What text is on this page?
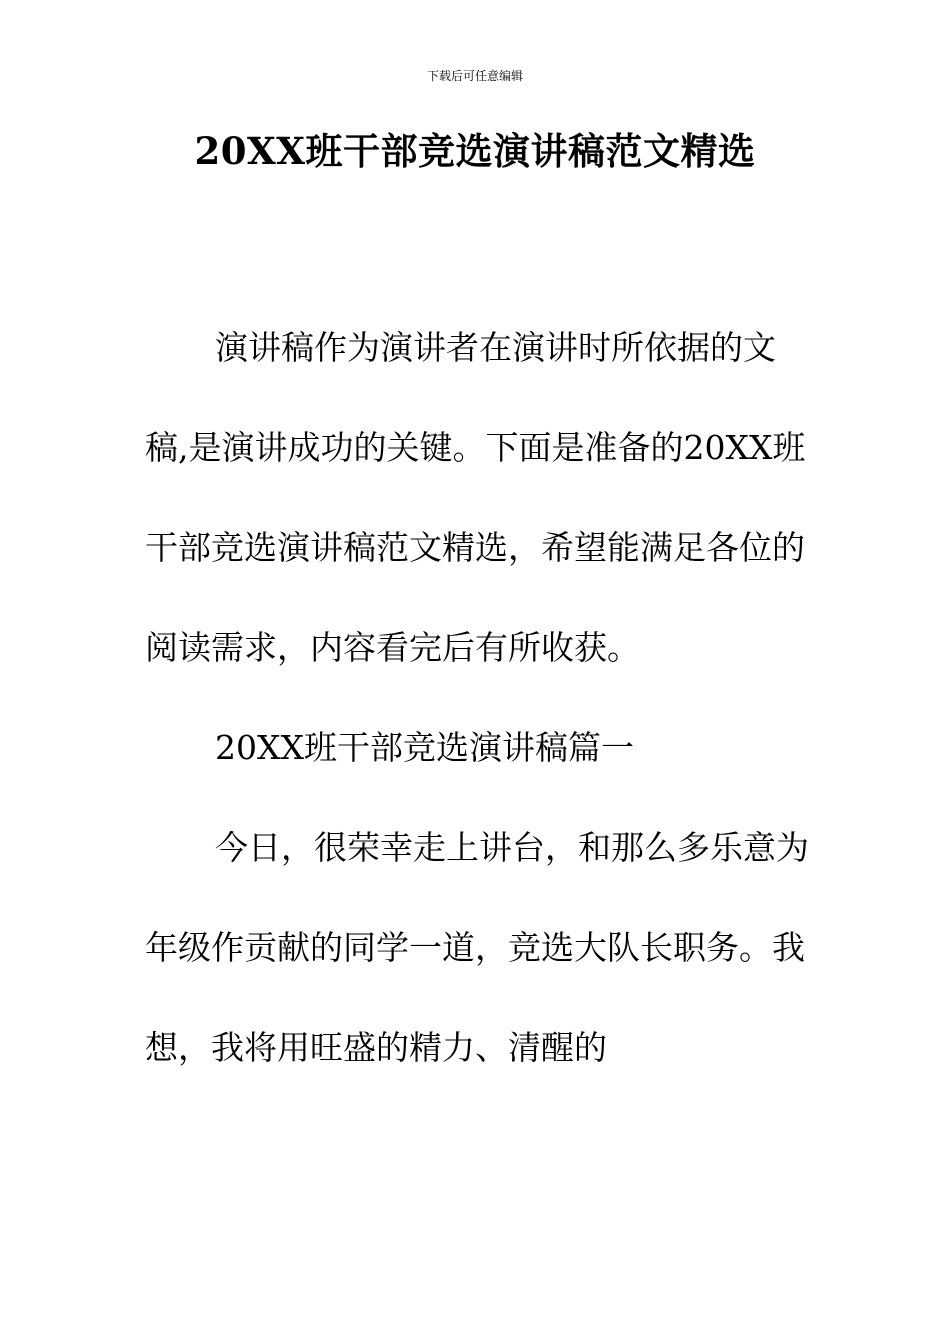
下载后可任意编辑
20XX班干部竞选演讲稿范文精选

演讲稿作为演讲者在演讲时所依据的文稿,是演讲成功的关键。下面是准备的20XX班干部竞选演讲稿范文精选，希望能满足各位的阅读需求，内容看完后有所收获。

20XX班干部竞选演讲稿篇一

今日，很荣幸走上讲台，和那么多乐意为年级作贡献的同学一道，竞选大队长职务。我想，我将用旺盛的精力、清醒的
